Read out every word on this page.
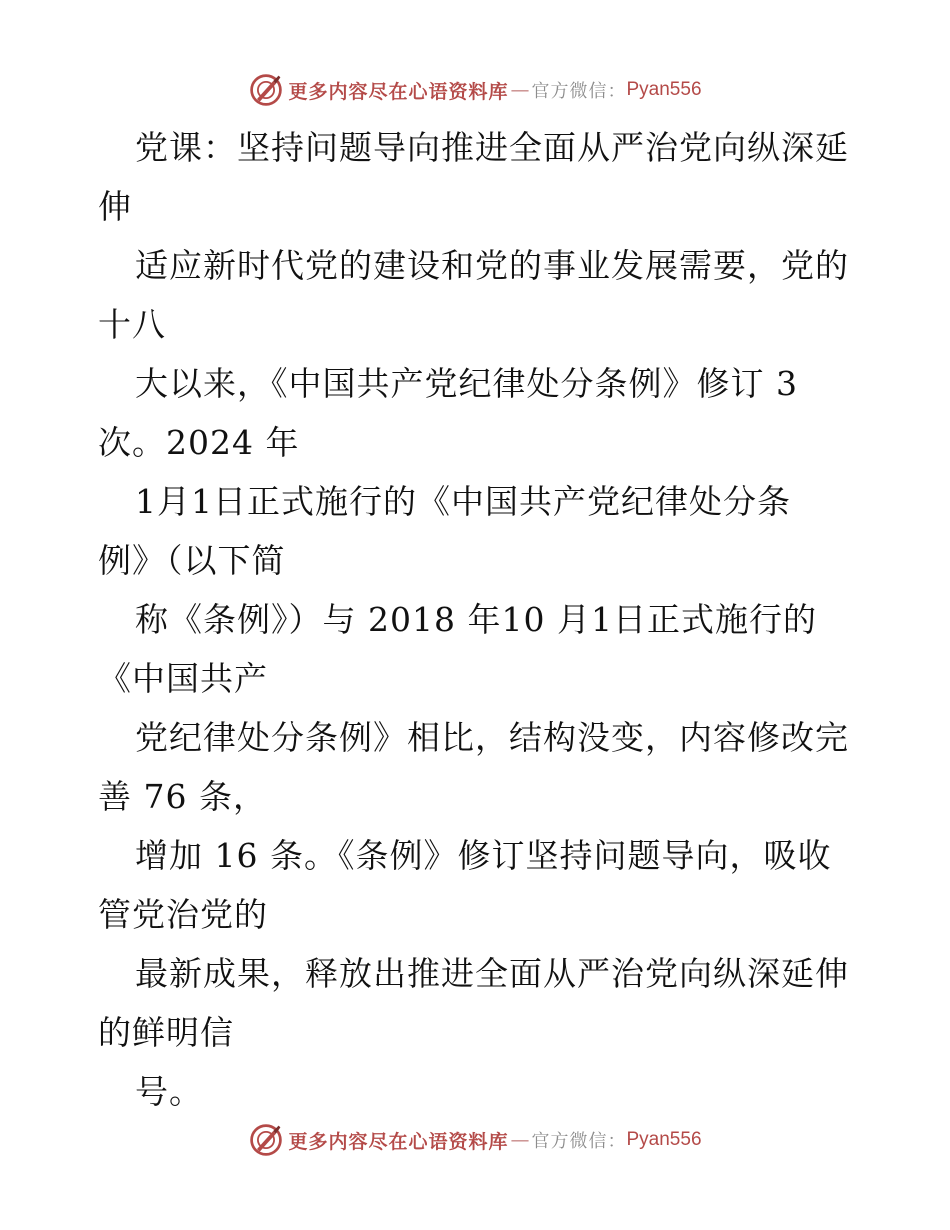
更多内容尽在心语资料库 — 官方微信： Pyan556

党课：坚持问题导向推进全面从严治党向纵深延

伸

适应新时代党的建设和党的事业发展需要，党的

十八

大以来，《中国共产党纪律处分条例》修订 3

次。2024 年

1月1日正式施行的《中国共产党纪律处分条

例》（以下简

称《条例》）与 2018 年10 月1日正式施行的

《中国共产

党纪律处分条例》相比，结构没变，内容修改完

善 76 条，

增加 16 条。《条例》修订坚持问题导向，吸收

管党治党的

最新成果，释放出推进全面从严治党向纵深延伸

的鲜明信

号。

更多内容尽在心语资料库 — 官方微信： Pyan556
